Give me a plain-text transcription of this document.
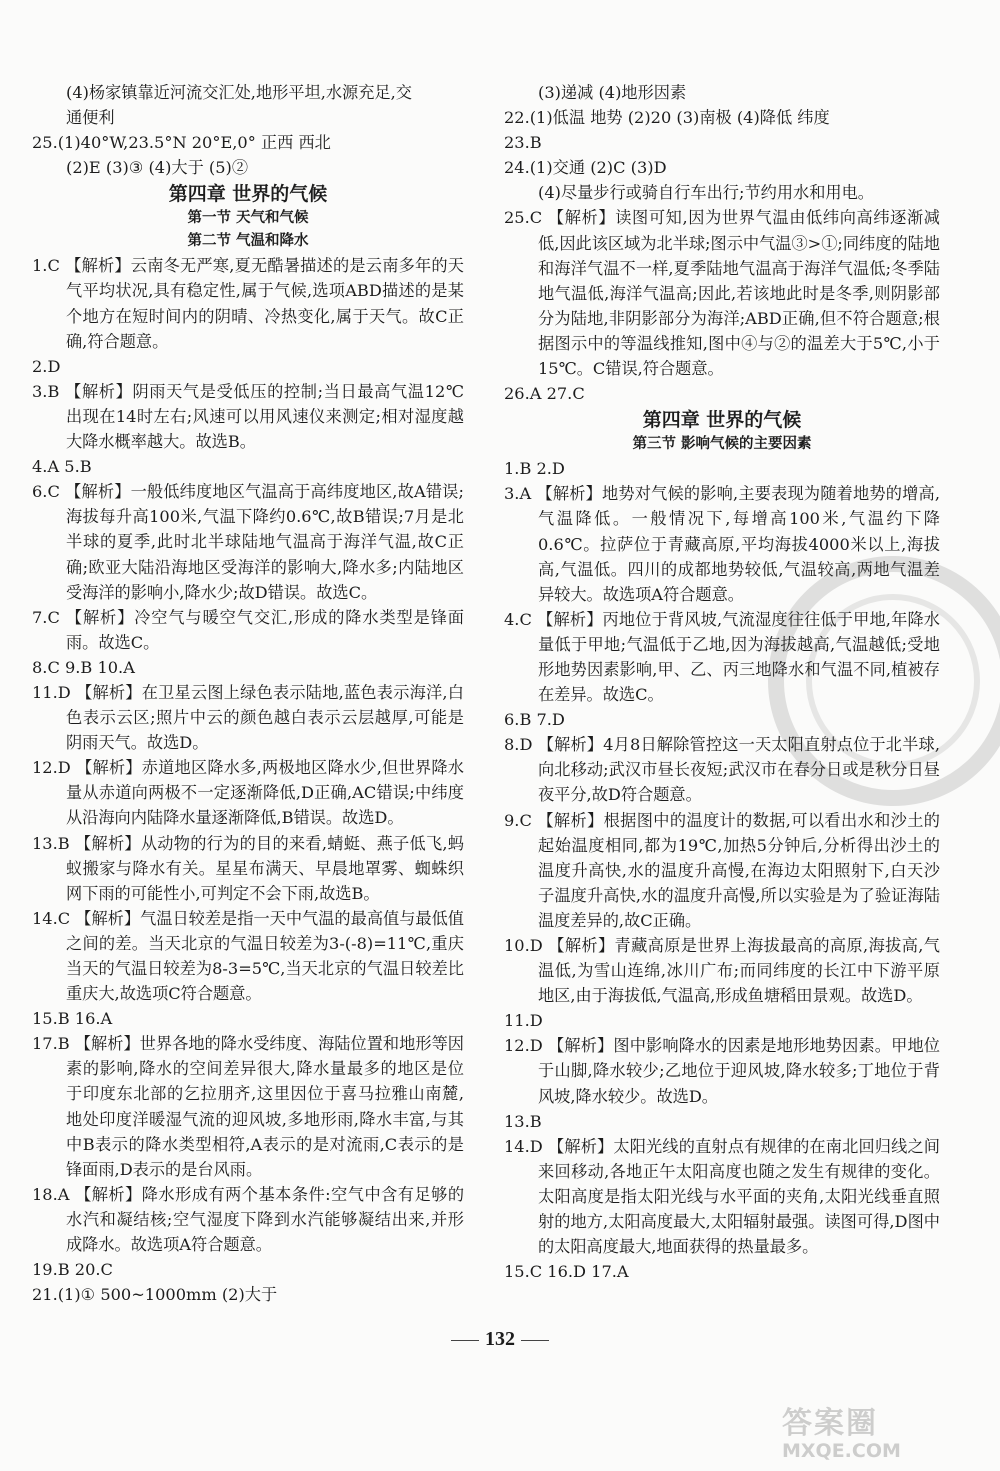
(4)杨家镇靠近河流交汇处,地形平坦,水源充足,交
通便利
25.(1)40°W,23.5°N 20°E,0° 正西 西北
(2)E (3)③ (4)大于 (5)②
第四章 世界的气候
第一节 天气和气候
第二节 气温和降水
1.C 【解析】云南冬无严寒,夏无酷暑描述的是云南多年的天气平均状况,具有稳定性,属于气候,选项ABD描述的是某个地方在短时间内的阴晴、冷热变化,属于天气。故C正确,符合题意。
2.D
3.B 【解析】阴雨天气是受低压的控制;当日最高气温12℃出现在14时左右;风速可以用风速仪来测定;相对湿度越大降水概率越大。故选B。
4.A 5.B
6.C 【解析】一般低纬度地区气温高于高纬度地区,故A错误;海拔每升高100米,气温下降约0.6℃,故B错误;7月是北半球的夏季,此时北半球陆地气温高于海洋气温,故C正确;欧亚大陆沿海地区受海洋的影响大,降水多;内陆地区受海洋的影响小,降水少;故D错误。故选C。
7.C 【解析】冷空气与暖空气交汇,形成的降水类型是锋面雨。故选C。
8.C 9.B 10.A
11.D 【解析】在卫星云图上绿色表示陆地,蓝色表示海洋,白色表示云区;照片中云的颜色越白表示云层越厚,可能是阴雨天气。故选D。
12.D 【解析】赤道地区降水多,两极地区降水少,但世界降水量从赤道向两极不一定逐渐降低,D正确,AC错误;中纬度从沿海向内陆降水量逐渐降低,B错误。故选D。
13.B 【解析】从动物的行为的目的来看,蜻蜓、燕子低飞,蚂蚁搬家与降水有关。星星布满天、早晨地罩雾、蜘蛛织网下雨的可能性小,可判定不会下雨,故选B。
14.C 【解析】气温日较差是指一天中气温的最高值与最低值之间的差。当天北京的气温日较差为3-(-8)=11℃,重庆当天的气温日较差为8-3=5℃,当天北京的气温日较差比重庆大,故选项C符合题意。
15.B 16.A
17.B 【解析】世界各地的降水受纬度、海陆位置和地形等因素的影响,降水的空间差异很大,降水量最多的地区是位于印度东北部的乞拉朋齐,这里因位于喜马拉雅山南麓,地处印度洋暖湿气流的迎风坡,多地形雨,降水丰富,与其中B表示的降水类型相符,A表示的是对流雨,C表示的是锋面雨,D表示的是台风雨。
18.A 【解析】降水形成有两个基本条件:空气中含有足够的水汽和凝结核;空气湿度下降到水汽能够凝结出来,并形成降水。故选项A符合题意。
19.B 20.C
21.(1)① 500~1000mm (2)大于
(3)递减 (4)地形因素
22.(1)低温 地势 (2)20 (3)南极 (4)降低 纬度
23.B
24.(1)交通 (2)C (3)D
(4)尽量步行或骑自行车出行;节约用水和用电。
25.C 【解析】读图可知,因为世界气温由低纬向高纬逐渐减低,因此该区域为北半球;图示中气温③>①;同纬度的陆地和海洋气温不一样,夏季陆地气温高于海洋气温低;冬季陆地气温低,海洋气温高;因此,若该地此时是冬季,则阴影部分为陆地,非阴影部分为海洋;ABD正确,但不符合题意;根据图示中的等温线推知,图中④与②的温差大于5℃,小于15℃。C错误,符合题意。
26.A 27.C
第四章 世界的气候
第三节 影响气候的主要因素
1.B 2.D
3.A 【解析】地势对气候的影响,主要表现为随着地势的增高,气温降低。一般情况下,每增高100米,气温约下降0.6℃。拉萨位于青藏高原,平均海拔4000米以上,海拔高,气温低。四川的成都地势较低,气温较高,两地气温差异较大。故选项A符合题意。
4.C 【解析】丙地位于背风坡,气流湿度往往低于甲地,年降水量低于甲地;气温低于乙地,因为海拔越高,气温越低;受地形地势因素影响,甲、乙、丙三地降水和气温不同,植被存在差异。故选C。
6.B 7.D
8.D 【解析】4月8日解除管控这一天太阳直射点位于北半球,向北移动;武汉市昼长夜短;武汉市在春分日或是秋分日昼夜平分,故D符合题意。
9.C 【解析】根据图中的温度计的数据,可以看出水和沙土的起始温度相同,都为19℃,加热5分钟后,分析得出沙土的温度升高快,水的温度升高慢,在海边太阳照射下,白天沙子温度升高快,水的温度升高慢,所以实验是为了验证海陆温度差异的,故C正确。
10.D 【解析】青藏高原是世界上海拔最高的高原,海拔高,气温低,为雪山连绵,冰川广布;而同纬度的长江中下游平原地区,由于海拔低,气温高,形成鱼塘稻田景观。故选D。
11.D
12.D 【解析】图中影响降水的因素是地形地势因素。甲地位于山脚,降水较少;乙地位于迎风坡,降水较多;丁地位于背风坡,降水较少。故选D。
13.B
14.D 【解析】太阳光线的直射点有规律的在南北回归线之间来回移动,各地正午太阳高度也随之发生有规律的变化。太阳高度是指太阳光线与水平面的夹角,太阳光线垂直照射的地方,太阳高度最大,太阳辐射最强。读图可得,D图中的太阳高度最大,地面获得的热量最多。
15.C 16.D 17.A
132
答案圈
MXQE.COM
